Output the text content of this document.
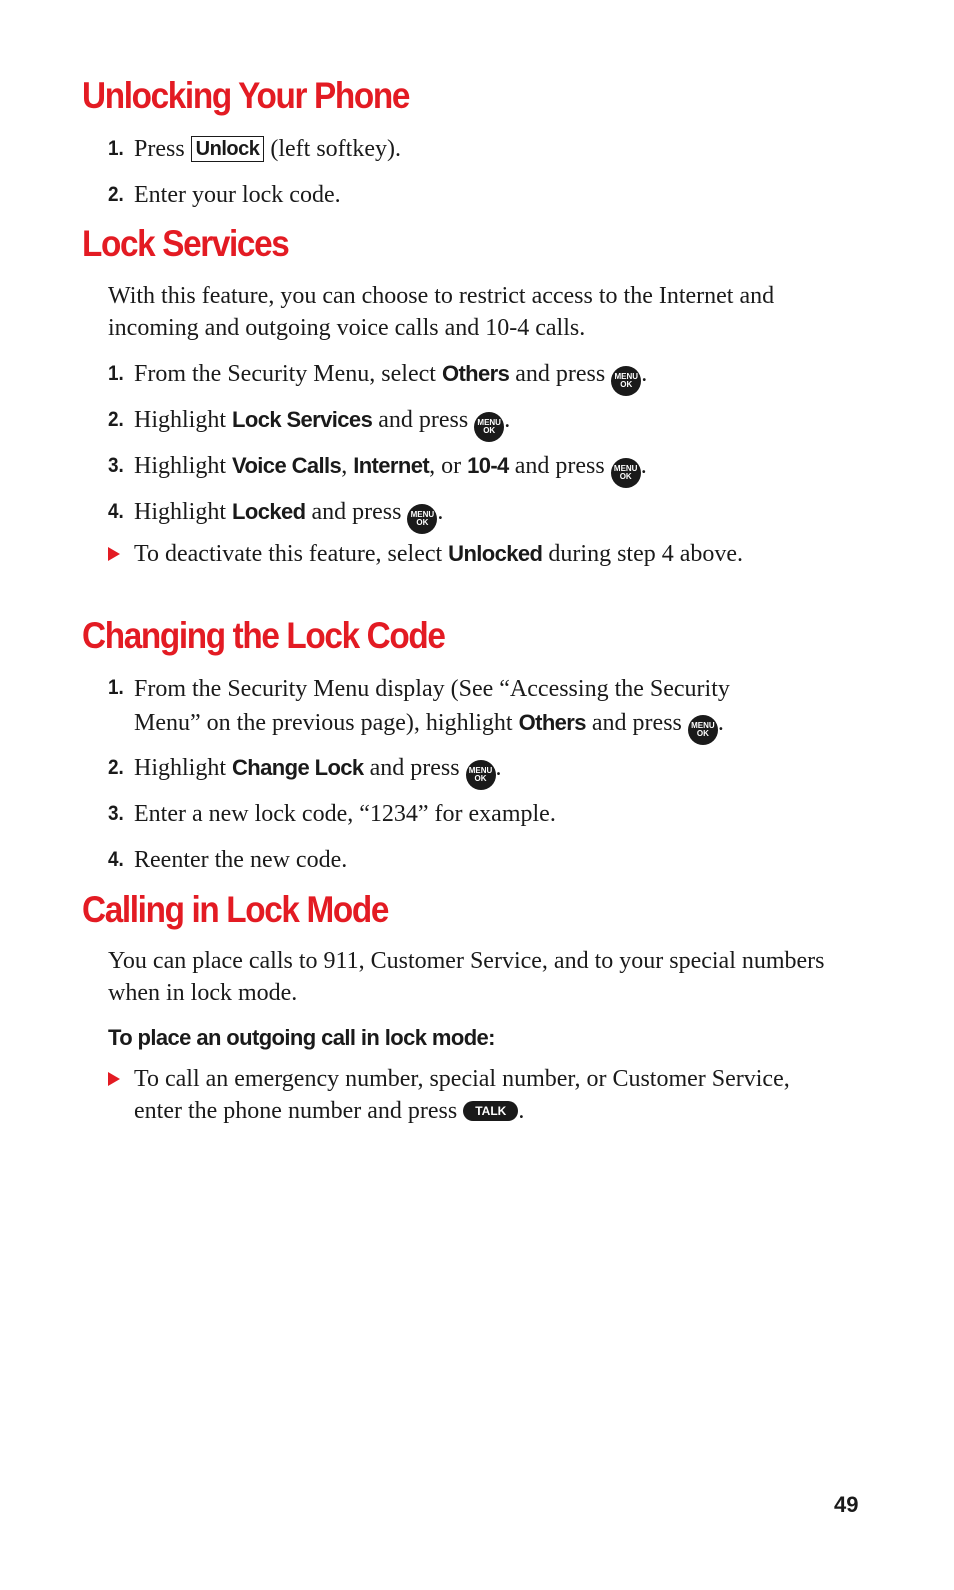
Unlocking Your Phone
1. Press Unlock (left softkey).
2. Enter your lock code.
Lock Services

With this feature, you can choose to restrict access to the Internet and incoming and outgoing voice calls and 10-4 calls.

1. From the Security Menu, select Others and press	MENU
OK .
2. Highlight Lock Services and press	MENU
OK .
3. Highlight Voice Calls, Internet, or 10-4 and press	MENU
OK .
4. Highlight Locked and press	MENU
OK .
To deactivate this feature, select Unlocked during step 4 above.
Changing the Lock Code
1. From the Security Menu display (See “Accessing the Security Menu” on the previous page), highlight Others and press	MENU
OK .
2. Highlight Change Lock and press	MENU
OK .
3. Enter a new lock code, “1234” for example.
4. Reenter the new code.
Calling in Lock Mode

You can place calls to 911, Customer Service, and to your special numbers when in lock mode.

To place an outgoing call in lock mode:

To call an emergency number, special number, or Customer Service, enter the phone number and press TALK .
49
